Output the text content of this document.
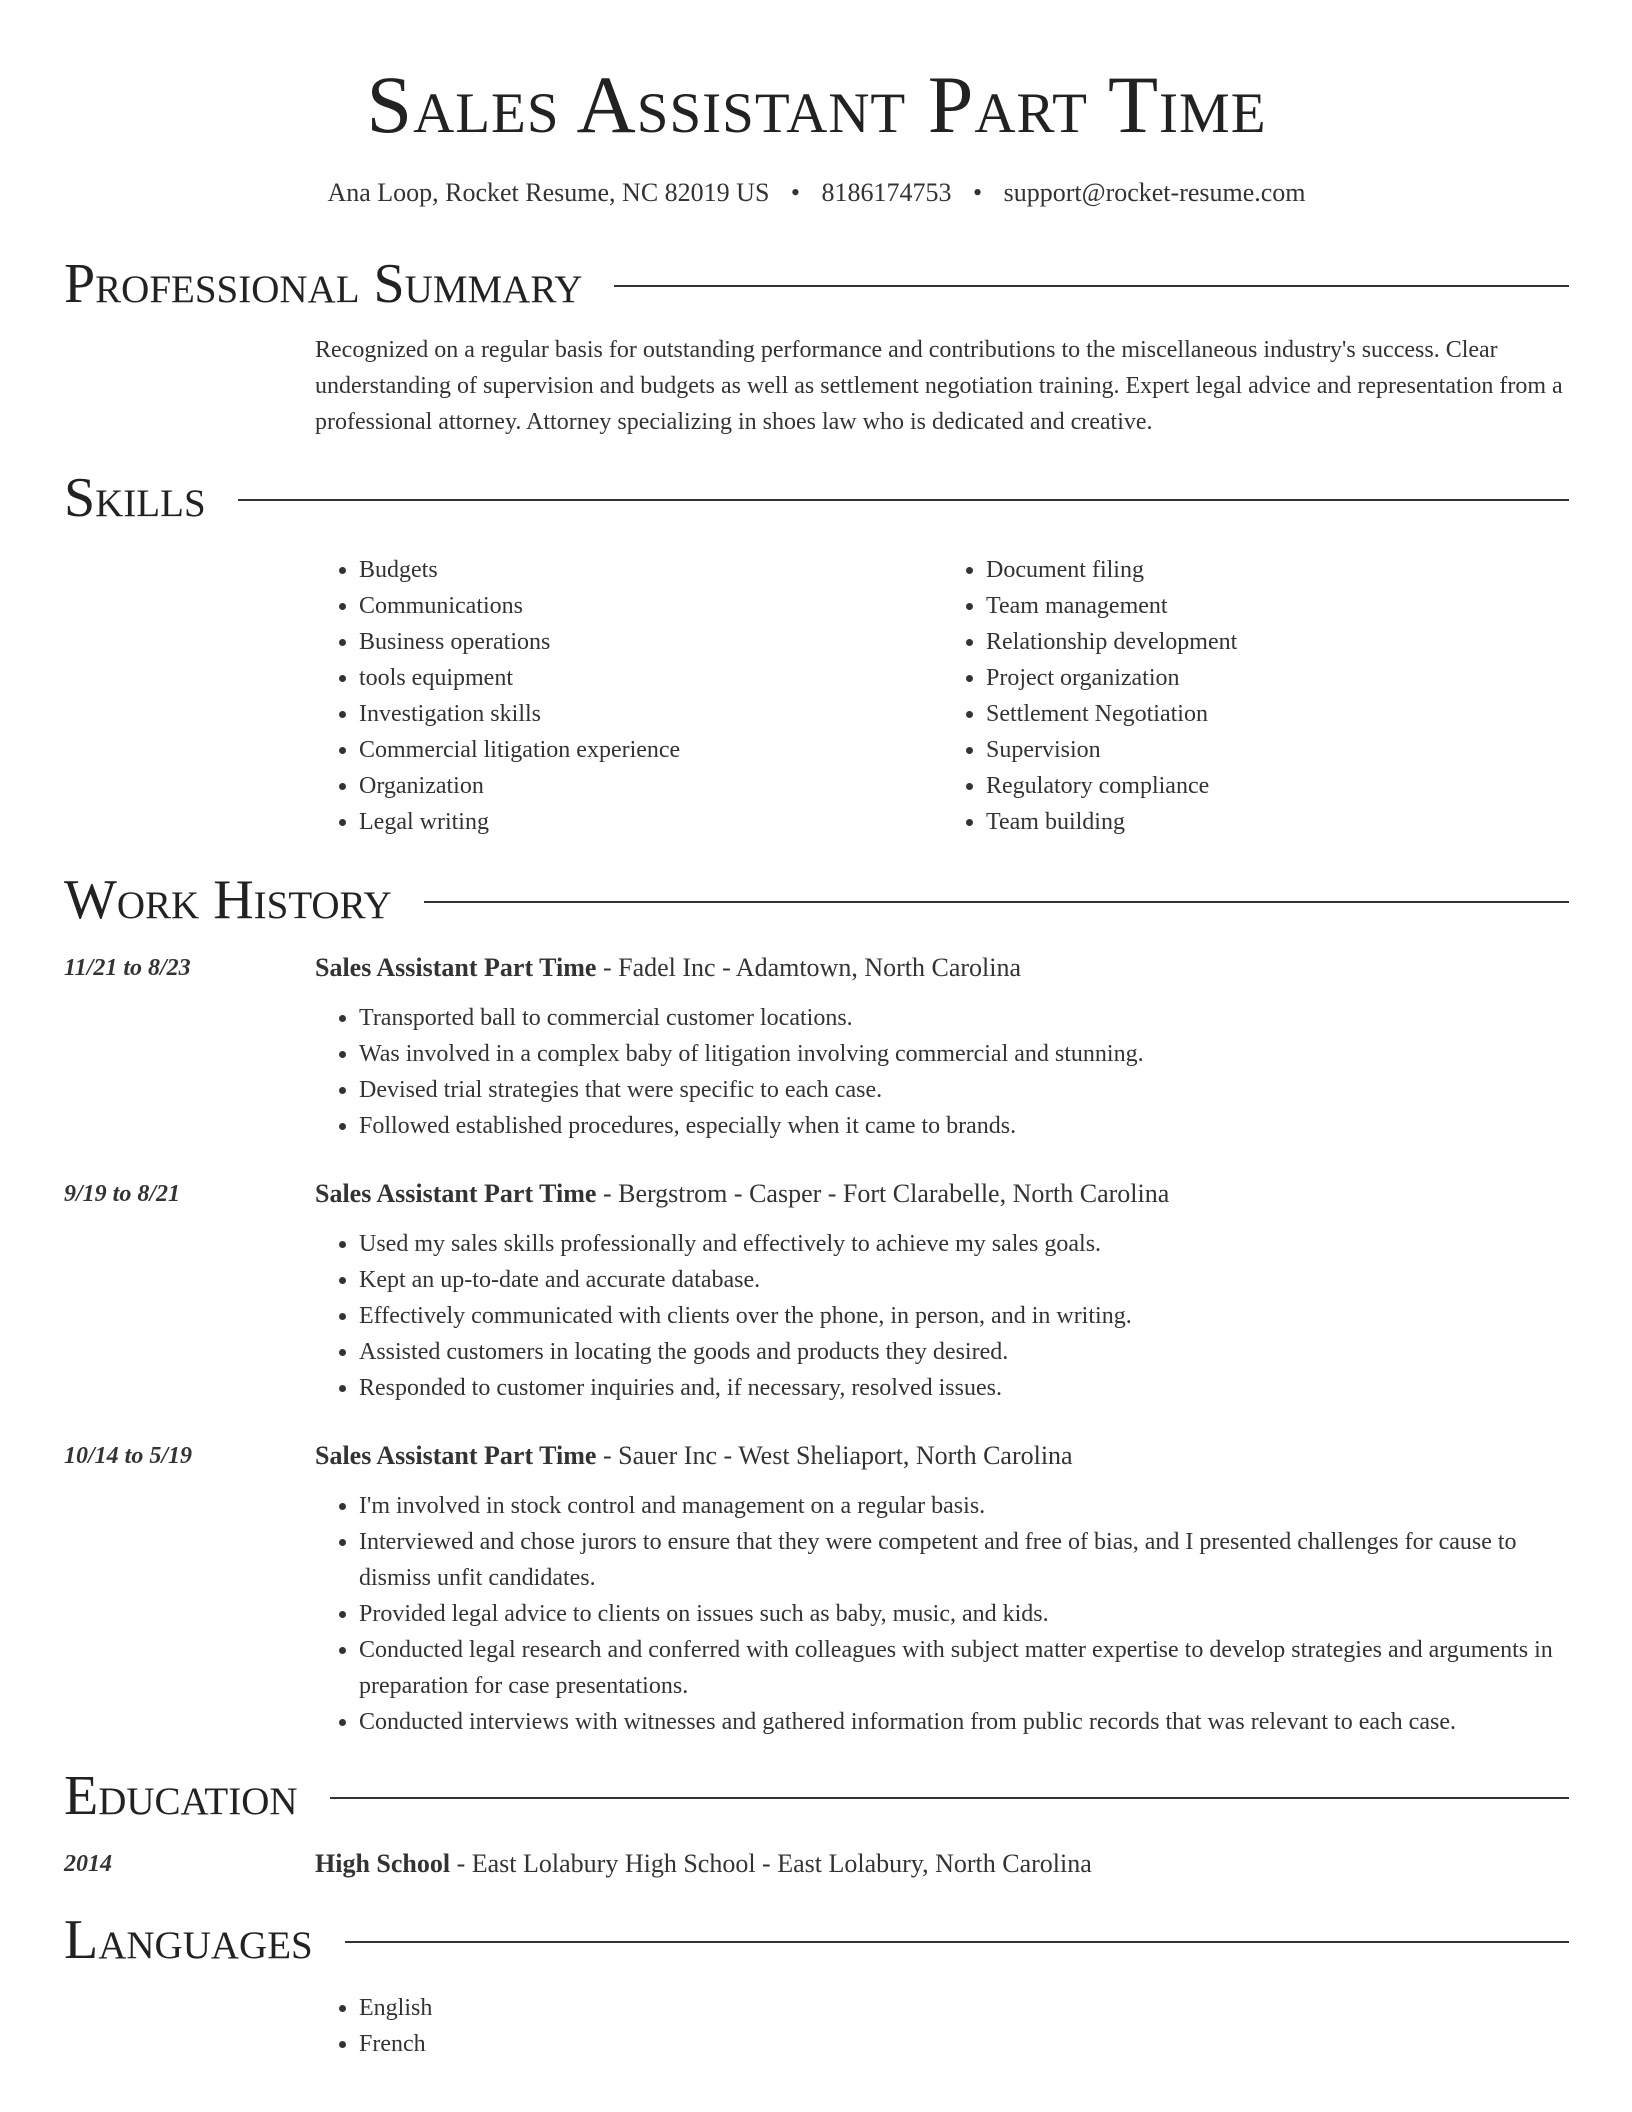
Sales Assistant Part Time
Ana Loop, Rocket Resume, NC 82019 US • 8186174753 • support@rocket-resume.com
Professional Summary

Recognized on a regular basis for outstanding performance and contributions to the miscellaneous industry's success. Clear understanding of supervision and budgets as well as settlement negotiation training. Expert legal advice and representation from a professional attorney. Attorney specializing in shoes law who is dedicated and creative.

Skills
• Budgets
• Communications
• Business operations
• tools equipment
• Investigation skills
• Commercial litigation experience
• Organization
• Legal writing
• Document filing
• Team management
• Relationship development
• Project organization
• Settlement Negotiation
• Supervision
• Regulatory compliance
• Team building
Work History
11/21 to 8/23	Sales Assistant Part Time - Fadel Inc - Adamtown, North Carolina
• Transported ball to commercial customer locations.
• Was involved in a complex baby of litigation involving commercial and stunning.
• Devised trial strategies that were specific to each case.
• Followed established procedures, especially when it came to brands.
9/19 to 8/21	Sales Assistant Part Time - Bergstrom - Casper - Fort Clarabelle, North Carolina
• Used my sales skills professionally and effectively to achieve my sales goals.
• Kept an up-to-date and accurate database.
• Effectively communicated with clients over the phone, in person, and in writing.
• Assisted customers in locating the goods and products they desired.
• Responded to customer inquiries and, if necessary, resolved issues.
10/14 to 5/19	Sales Assistant Part Time - Sauer Inc - West Sheliaport, North Carolina
• I'm involved in stock control and management on a regular basis.
• Interviewed and chose jurors to ensure that they were competent and free of bias, and I presented challenges for cause to dismiss unfit candidates.
• Provided legal advice to clients on issues such as baby, music, and kids.
• Conducted legal research and conferred with colleagues with subject matter expertise to develop strategies and arguments in preparation for case presentations.
• Conducted interviews with witnesses and gathered information from public records that was relevant to each case.
Education
2014	High School - East Lolabury High School - East Lolabury, North Carolina
Languages
• English
• French
